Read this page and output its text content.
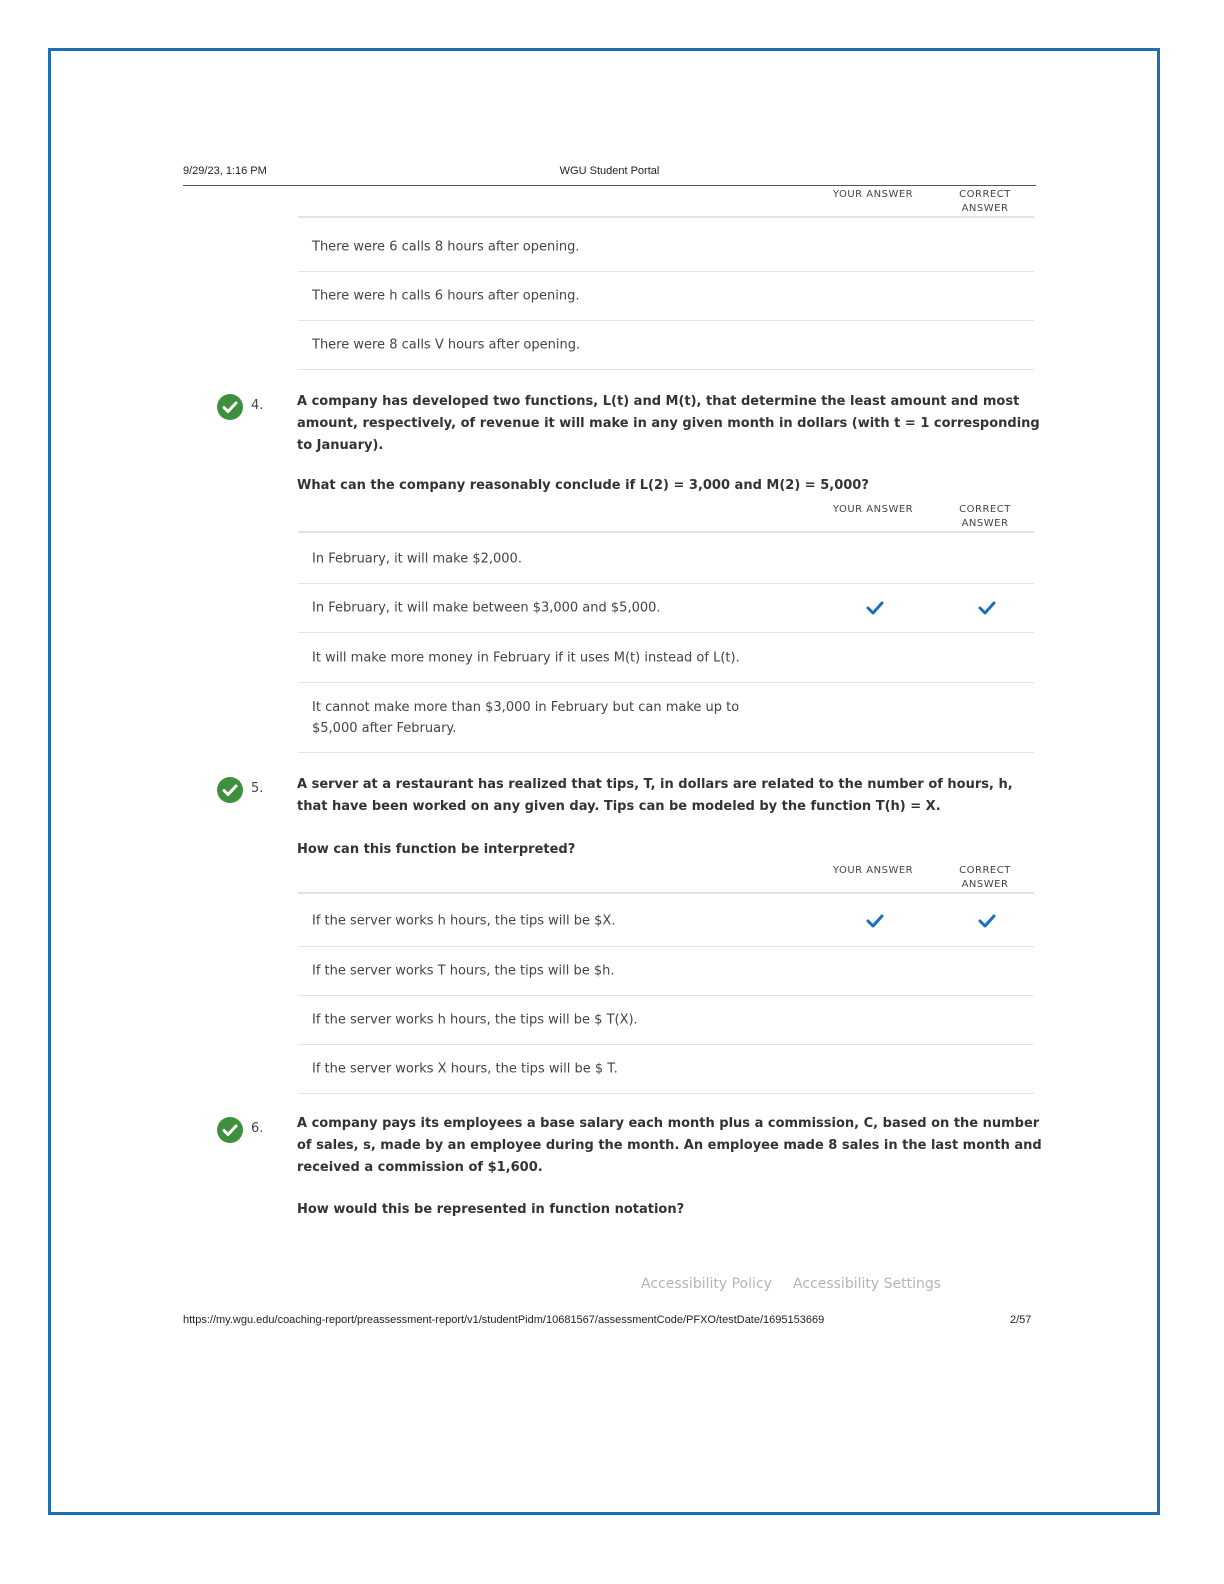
9/29/23, 1:16 PM	WGU Student Portal
YOUR ANSWER	CORRECT ANSWER
There were 6 calls 8 hours after opening.
There were h calls 6 hours after opening.
There were 8 calls V hours after opening.
4.	A company has developed two functions, L(t) and M(t), that determine the least amount and most amount, respectively, of revenue it will make in any given month in dollars (with t = 1 corresponding to January).
What can the company reasonably conclude if L(2) = 3,000 and M(2) = 5,000?
YOUR ANSWER	CORRECT ANSWER
In February, it will make $2,000.
In February, it will make between $3,000 and $5,000.
It will make more money in February if it uses M(t) instead of L(t).
It cannot make more than $3,000 in February but can make up to $5,000 after February.
5.	A server at a restaurant has realized that tips, T, in dollars are related to the number of hours, h, that have been worked on any given day. Tips can be modeled by the function T(h) = X.
How can this function be interpreted?
YOUR ANSWER	CORRECT ANSWER
If the server works h hours, the tips will be $X.
If the server works T hours, the tips will be $h.
If the server works h hours, the tips will be $ T(X).
If the server works X hours, the tips will be $ T.
6.	A company pays its employees a base salary each month plus a commission, C, based on the number of sales, s, made by an employee during the month. An employee made 8 sales in the last month and received a commission of $1,600.
How would this be represented in function notation?
Accessibility Policy Accessibility Settings
https://my.wgu.edu/coaching-report/preassessment-report/v1/studentPidm/10681567/assessmentCode/PFXO/testDate/1695153669	2/57
